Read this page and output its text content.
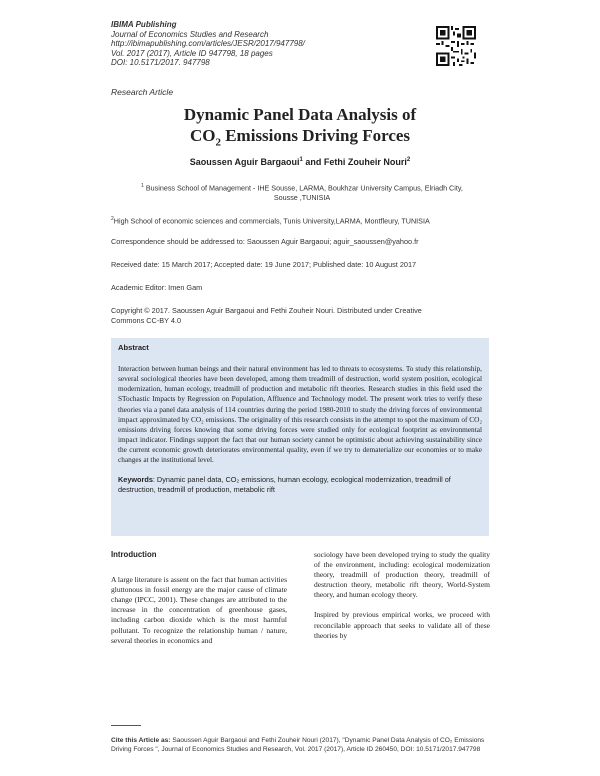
IBIMA Publishing
Journal of Economics Studies and Research
http://ibimapublishing.com/articles/JESR/2017/947798/
Vol. 2017 (2017), Article ID 947798, 18 pages
DOI: 10.5171/2017. 947798
Research Article
Dynamic Panel Data Analysis of
$CO_2$ Emissions Driving Forces
Saoussen Aguir Bargaoui$^1$ and Fethi Zouheir Nouri$^2$
$^1$ Business School of Management - IHE Sousse, LARMA, Boukhzar University Campus, Elriadh City,
Sousse ,TUNISIA
$^2$High School of economic sciences and commercials, Tunis University,LARMA, Montfleury, TUNISIA
Correspondence should be addressed to: Saoussen Aguir Bargaoui; aguir_saoussen@yahoo.fr
Received date: 15 March 2017; Accepted date: 19 June 2017; Published date: 10 August 2017
Academic Editor: Imen Gam
Copyright © 2017. Saoussen Aguir Bargaoui and Fethi Zouheir Nouri. Distributed under Creative
Commons CC-BY 4.0
Abstract
Interaction between human beings and their natural environment has led to threats to ecosystems. To study this relationship, several sociological theories have been developed, among them treadmill of destruction, world system position, ecological modernization, human ecology, treadmill of production and metabolic rift theories. Research studies in this field used the STochastic Impacts by Regression on Population, Affluence and Technology model. The present work tries to verify these theories via a panel data analysis of 114 countries during the period 1980-2010 to study the driving forces of environmental impact approximated by CO₂ emissions. The originality of this research consists in the attempt to spot the maximum of CO₂ emissions driving forces knowing that some driving forces were studied only for ecological footprint as environmental impact indicator. Findings support the fact that our human society cannot be optimistic about achieving sustainability since the current economic growth deteriorates environmental quality, even if we try to dematerialize our economies or to make changes at the institutional level.
Keywords: Dynamic panel data, CO₂ emissions, human ecology, ecological modernization, treadmill of destruction, treadmill of production, metabolic rift
Introduction

A large literature is assent on the fact that human activities gluttonous in fossil energy are the major cause of climate change (IPCC, 2001). These changes are attributed to the increase in the concentration of greenhouse gases, including carbon dioxide which is the most harmful pollutant. To recognize the relationship human / nature, several theories in economics and

sociology have been developed trying to study the quality of the environment, including: ecological modernization theory, treadmill of production theory, treadmill of destruction theory, metabolic rift theory, World-System theory, and human ecology theory.

Inspired by previous empirical works, we proceed with reconcilable approach that seeks to validate all of these theories by

Cite this Article as: Saoussen Aguir Bargaoui and Fethi Zouheir Nouri (2017), "Dynamic Panel Data Analysis of CO₂ Emissions Driving Forces ", Journal of Economics Studies and Research, Vol. 2017 (2017), Article ID 260450, DOI: 10.5171/2017.947798
